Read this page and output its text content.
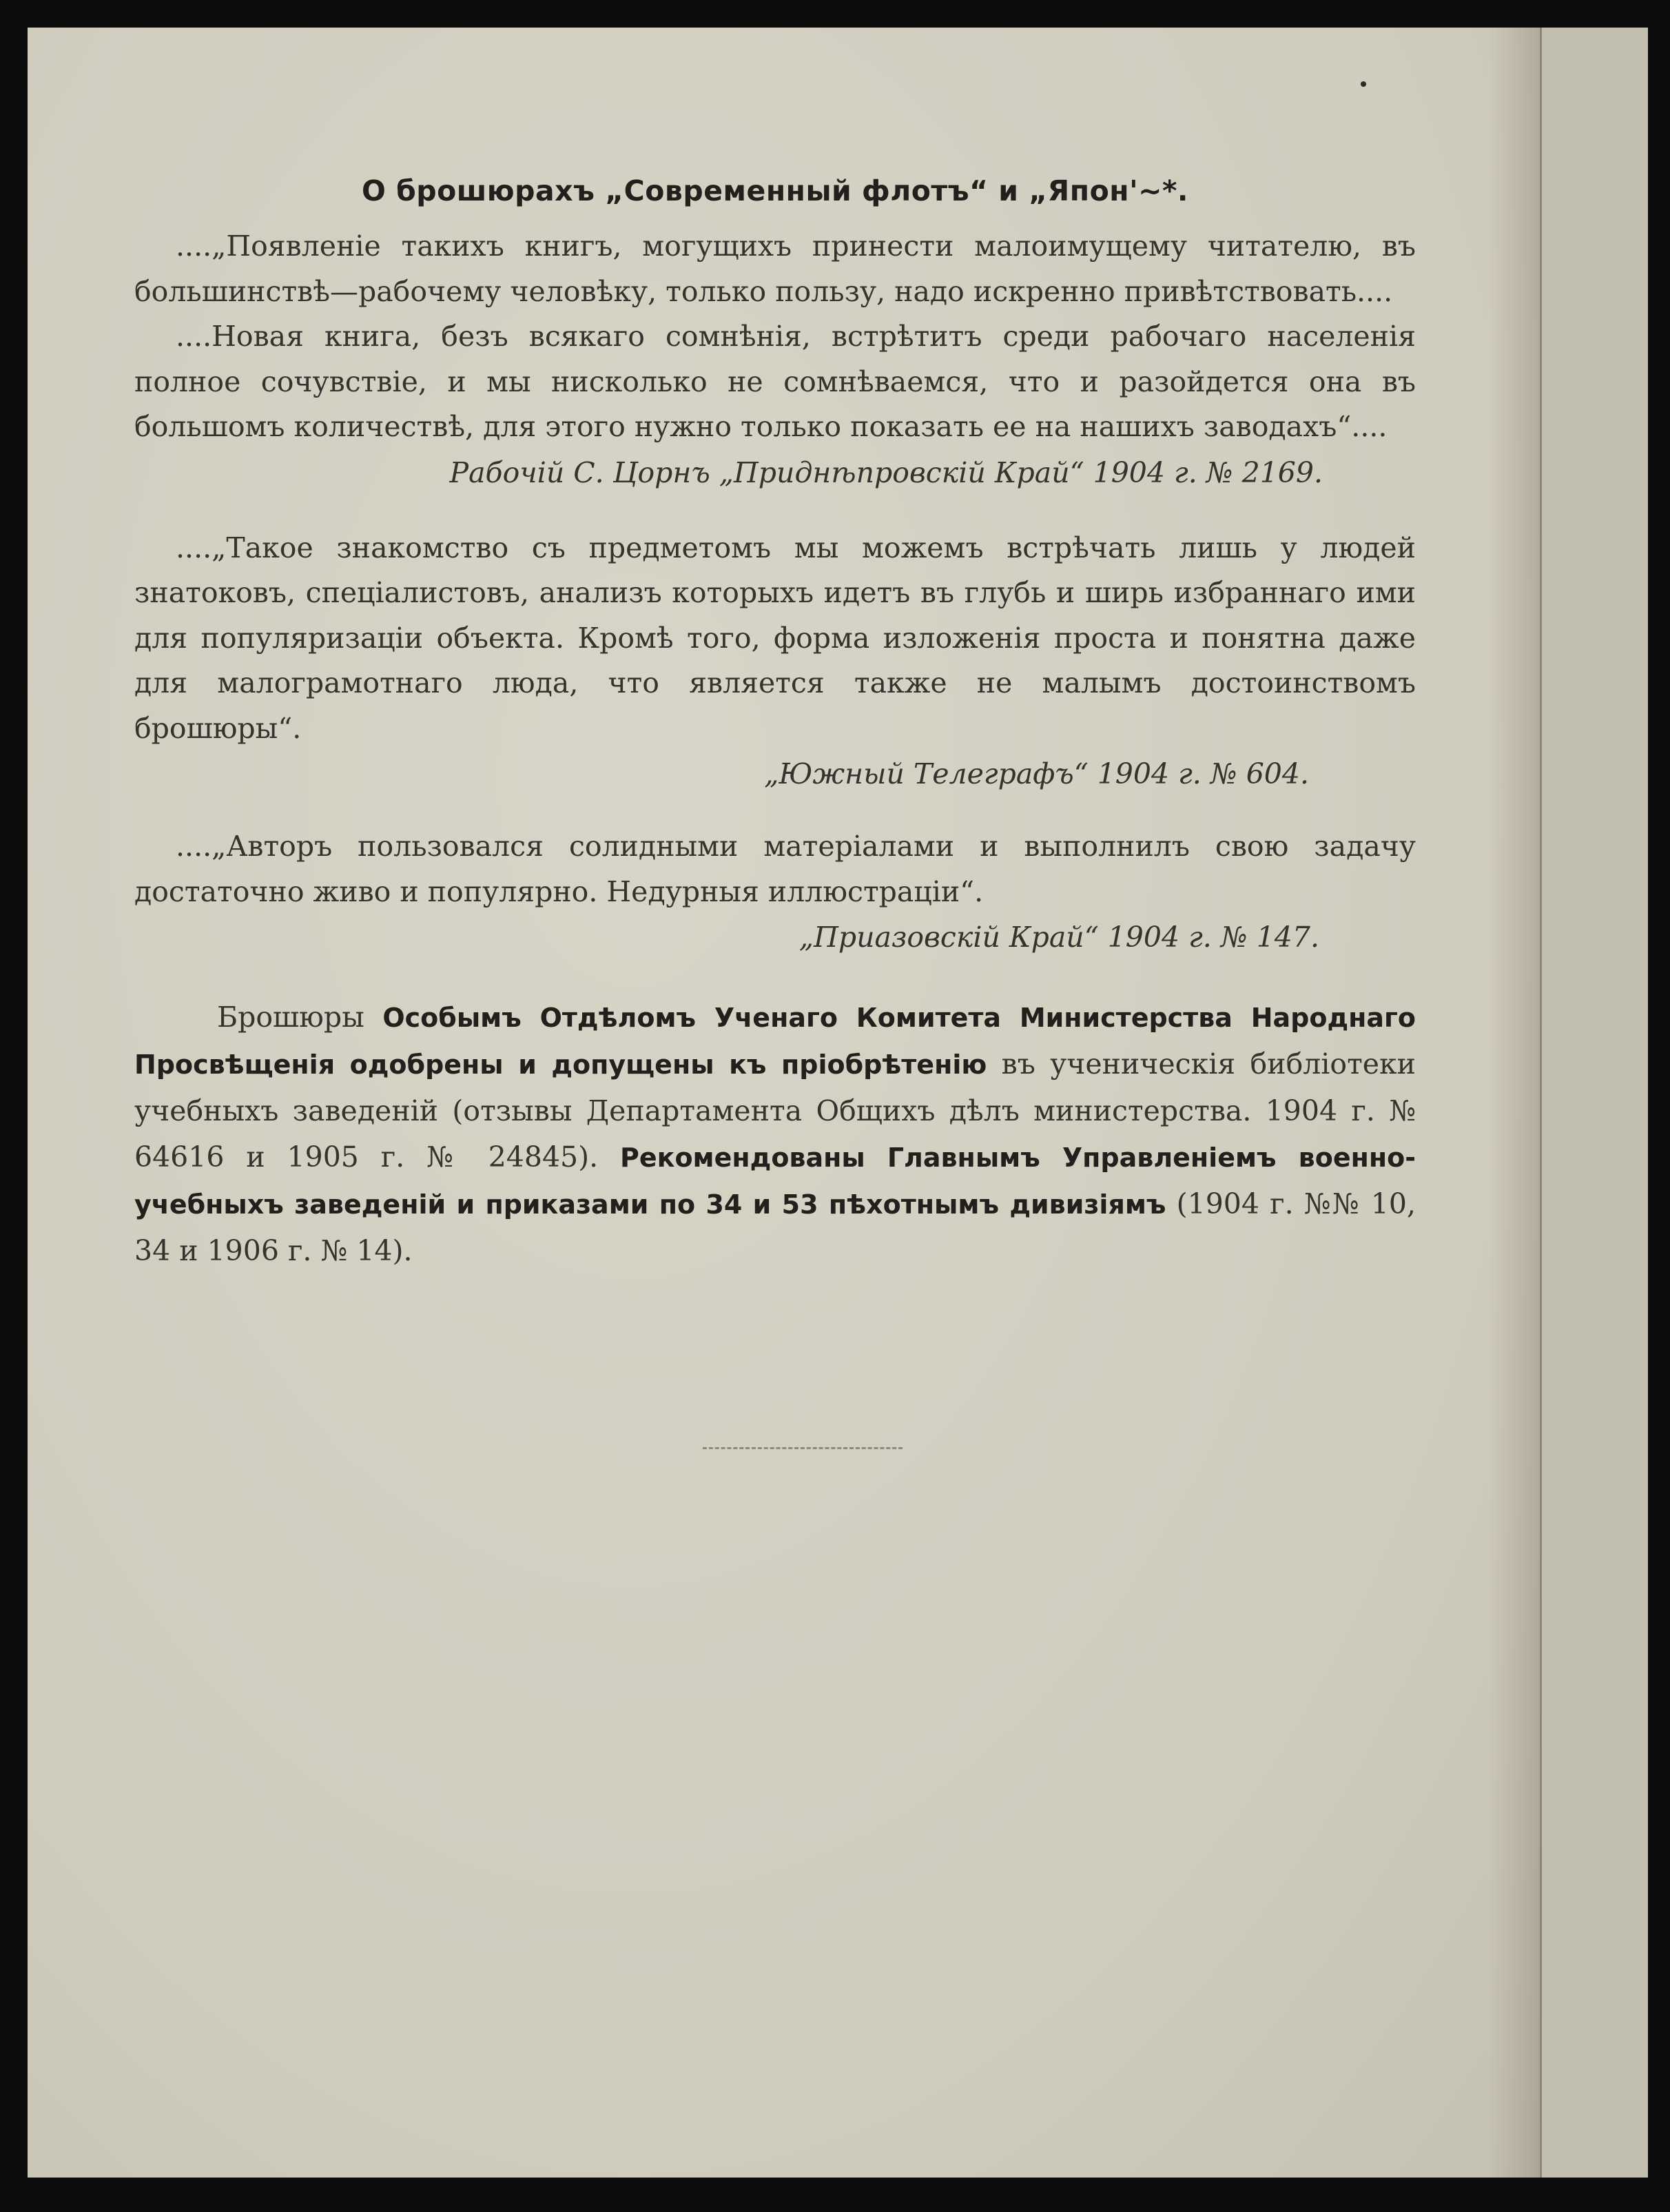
О брошюрахъ „Современный флотъ“ и „Япон'~*.

....„Появленіе такихъ книгъ, могущихъ принести малоимущему читателю, въ большинствѣ—рабочему человѣку, только пользу, надо искренно привѣтствовать....

....Новая книга, безъ всякаго сомнѣнія, встрѣтитъ среди рабочаго населенія полное сочувствіе, и мы нисколько не сомнѣваемся, что и разойдется она въ большомъ количествѣ, для этого нужно только показать ее на нашихъ заводахъ“....

Рабочій С. Цорнъ „Приднѣпровскій Край“ 1904 г. № 2169.

....„Такое знакомство съ предметомъ мы можемъ встрѣчать лишь у людей знатоковъ, спеціалистовъ, анализъ которыхъ идетъ въ глубь и ширь избраннаго ими для популяризаціи объекта. Кромѣ того, форма изложенія проста и понятна даже для малограмотнаго люда, что является также не малымъ достоинствомъ брошюры“.

„Южный Телеграфъ“ 1904 г. № 604.

....„Авторъ пользовался солидными матеріалами и выполнилъ свою задачу достаточно живо и популярно. Недурныя иллюстраціи“.

„Приазовскій Край“ 1904 г. № 147.

Брошюры Особымъ Отдѣломъ Ученаго Комитета Министерства Народнаго Просвѣщенія одобрены и допущены къ пріобрѣтенію въ ученическія библіотеки учебныхъ заведеній (отзывы Департамента Общихъ дѣлъ министерства. 1904 г. № 64616 и 1905 г. № 24845). Рекомендованы Главнымъ Управленіемъ военно-учебныхъ заведеній и приказами по 34 и 53 пѣхотнымъ дивизіямъ (1904 г. №№ 10, 34 и 1906 г. № 14).
